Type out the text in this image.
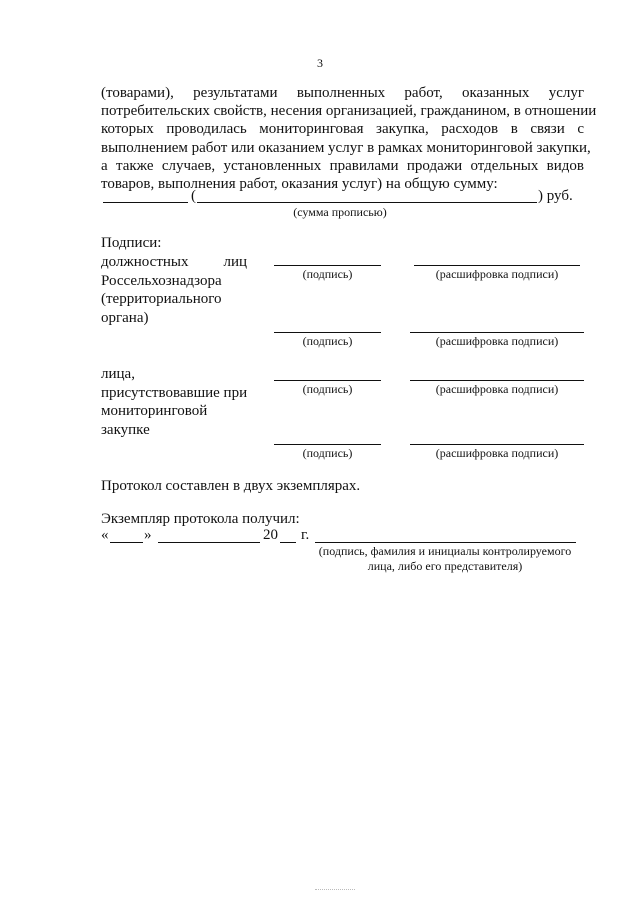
3
(товарами), результатами выполненных работ, оказанных услуг
потребительских свойств, несения организацией, гражданином, в отношении
которых проводилась мониторинговая закупка, расходов в связи с
выполнением работ или оказанием услуг в рамках мониторинговой закупки,
а также случаев, установленных правилами продажи отдельных видов
товаров, выполнения работ, оказания услуг) на общую сумму:
(	) руб.
(сумма прописью)
Подписи:
должностных лиц
Россельхознадзора
(территориального
органа)
(подпись)	(расшифровка подписи)
(подпись)	(расшифровка подписи)
лица,
присутствовавшие при
мониторинговой
закупке
(подпись)	(расшифровка подписи)
(подпись)	(расшифровка подписи)
Протокол составлен в двух экземплярах.
Экземпляр протокола получил:
« »	20 г.
(подпись, фамилия и инициалы контролируемого
лица, либо его представителя)
